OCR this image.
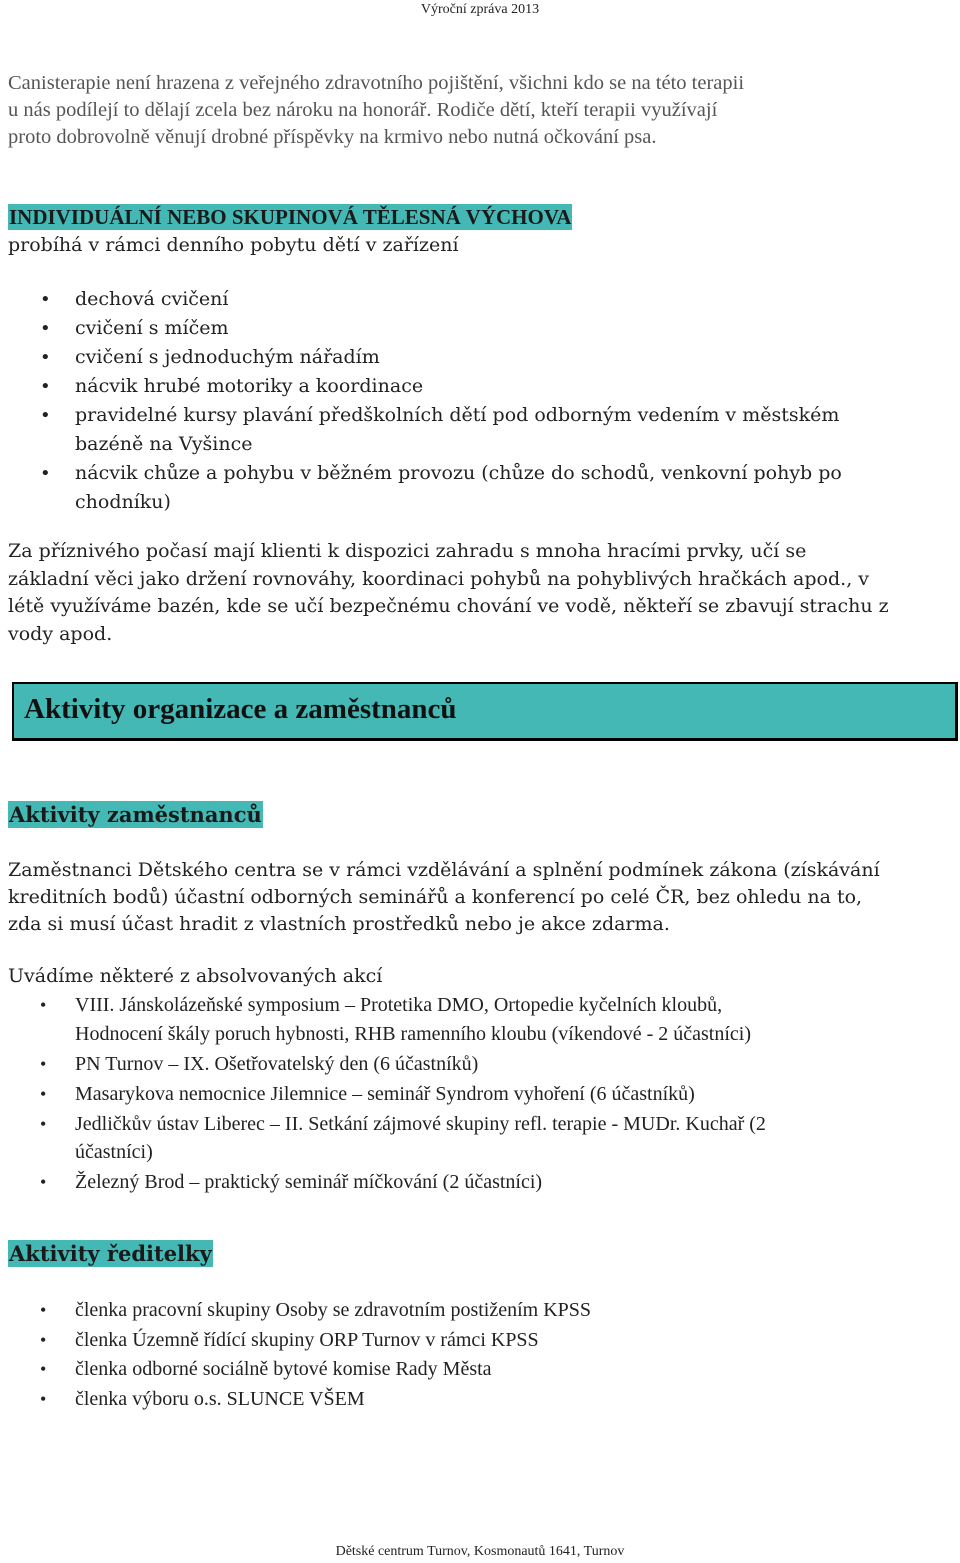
Výroční zpráva 2013

Canisterapie není hrazena z veřejného zdravotního pojištění, všichni kdo se na této terapii

u nás podílejí to dělají zcela bez nároku na honorář. Rodiče dětí, kteří terapii využívají

proto dobrovolně věnují drobné příspěvky na krmivo nebo nutná očkování psa.

INDIVIDUÁLNÍ NEBO SKUPINOVÁ TĚLESNÁ VÝCHOVA

probíhá v rámci denního pobytu dětí v zařízení

• dechová cvičení
• cvičení s míčem
• cvičení s jednoduchým nářadím
• nácvik hrubé motoriky a koordinace
• pravidelné kursy plavání předškolních dětí pod odborným vedením v městském
bazéně na Vyšince
• nácvik chůze a pohybu v běžném provozu (chůze do schodů, venkovní pohyb po
chodníku)

Za příznivého počasí mají klienti k dispozici zahradu s mnoha hracími prvky, učí se

základní věci jako držení rovnováhy, koordinaci pohybů na pohyblivých hračkách apod., v

létě využíváme bazén, kde se učí bezpečnému chování ve vodě, někteří se zbavují strachu z

vody apod.

Aktivity organizace a zaměstnanců
Aktivity zaměstnanců

Zaměstnanci Dětského centra se v rámci vzdělávání a splnění podmínek zákona (získávání

kreditních bodů) účastní odborných seminářů a konferencí po celé ČR, bez ohledu na to,

zda si musí účast hradit z vlastních prostředků nebo je akce zdarma.

Uvádíme některé z absolvovaných akcí

• VIII. Jánskolázeňské symposium – Protetika DMO, Ortopedie kyčelních kloubů,
Hodnocení škály poruch hybnosti, RHB ramenního kloubu (víkendové - 2 účastníci)
• PN Turnov – IX. Ošetřovatelský den (6 účastníků)
• Masarykova nemocnice Jilemnice – seminář Syndrom vyhoření (6 účastníků)
• Jedličkův ústav Liberec – II. Setkání zájmové skupiny refl. terapie - MUDr. Kuchař (2
účastníci)
• Železný Brod – praktický seminář míčkování (2 účastníci)
Aktivity ředitelky
• členka pracovní skupiny Osoby se zdravotním postižením KPSS
• členka Územně řídící skupiny ORP Turnov v rámci KPSS
• členka odborné sociálně bytové komise Rady Města
• členka výboru o.s. SLUNCE VŠEM
Dětské centrum Turnov, Kosmonautů 1641, Turnov
